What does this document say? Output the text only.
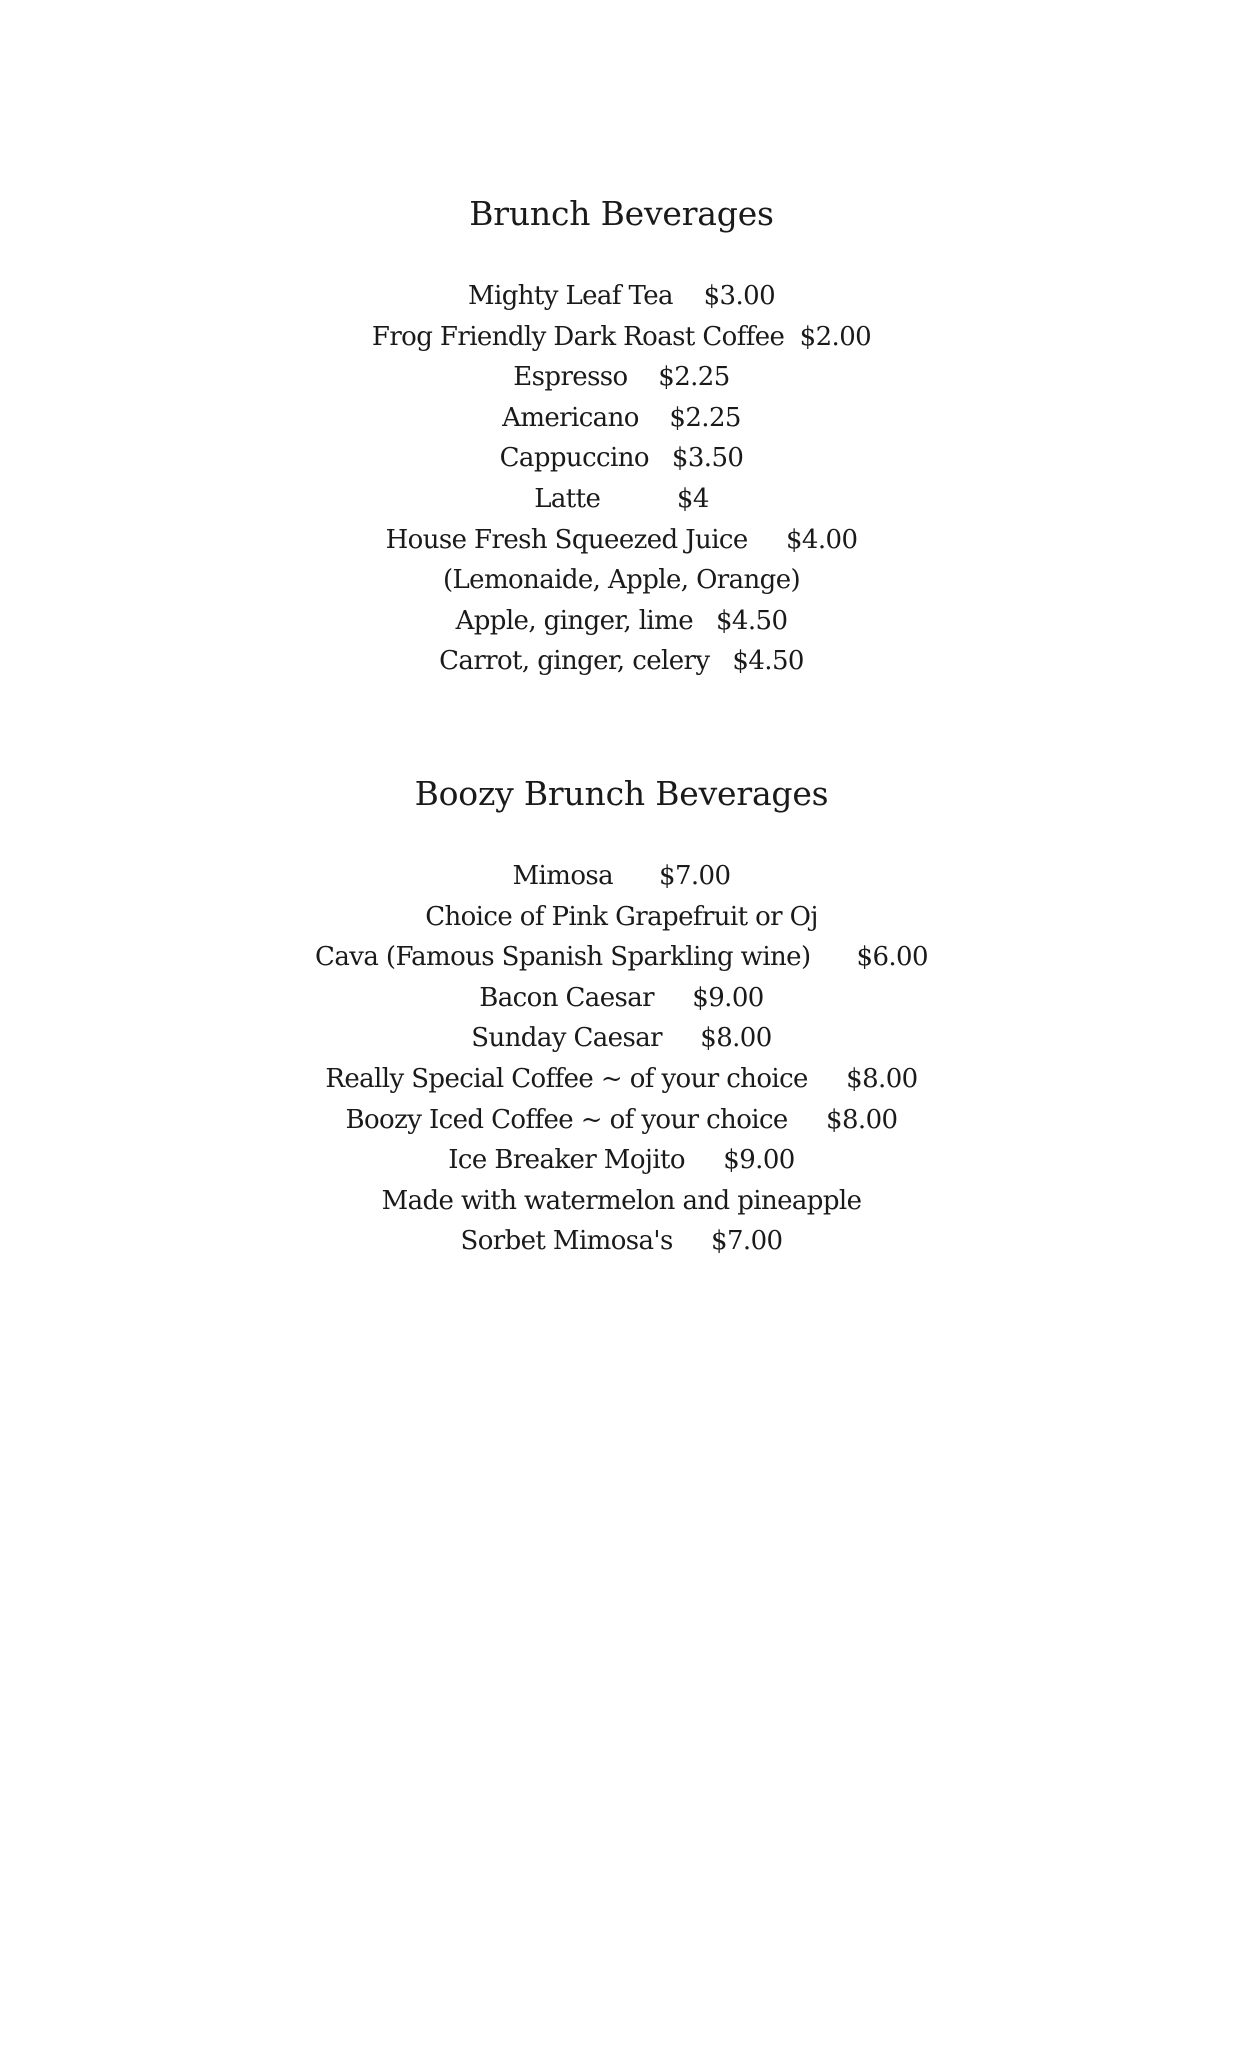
Brunch Beverages
Mighty Leaf Tea    $3.00
Frog Friendly Dark Roast Coffee  $2.00
Espresso    $2.25
Americano    $2.25
Cappuccino   $3.50
Latte          $4
House Fresh Squeezed Juice     $4.00
(Lemonaide, Apple, Orange)
Apple, ginger, lime   $4.50
Carrot, ginger, celery   $4.50
Boozy Brunch Beverages
Mimosa      $7.00
Choice of Pink Grapefruit or Oj
Cava (Famous Spanish Sparkling wine)      $6.00
Bacon Caesar     $9.00
Sunday Caesar     $8.00
Really Special Coffee ~ of your choice     $8.00
Boozy Iced Coffee ~ of your choice     $8.00
Ice Breaker Mojito     $9.00
Made with watermelon and pineapple
Sorbet Mimosa's     $7.00
